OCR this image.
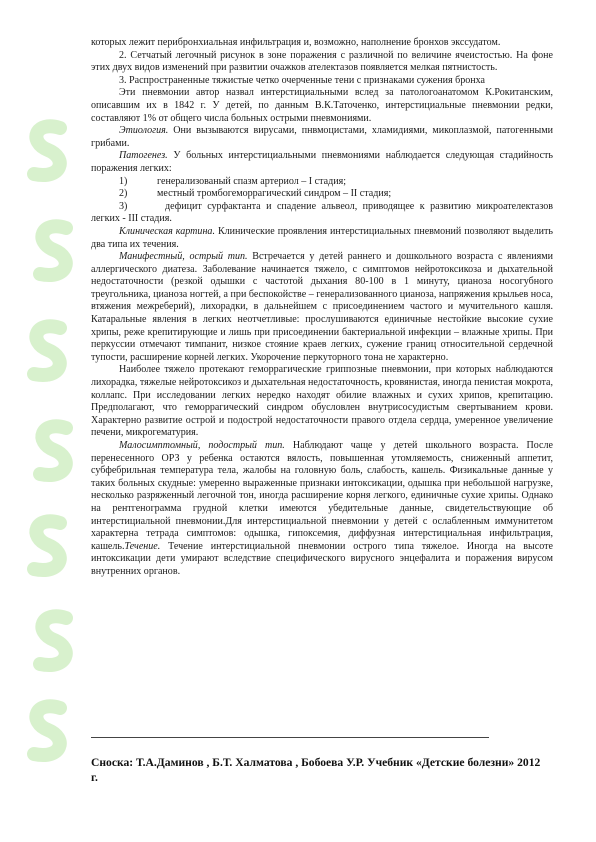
которых лежит перибронхиальная инфильтрация и, возможно, наполнение бронхов экссудатом.

2. Сетчатый легочный рисунок в зоне поражения с различной по величине ячеистостью. На фоне этих двух видов изменений при развитии очажков ателектазов появляется мелкая пятнистость.

3. Распространенные тяжистые четко очерченные тени с признаками сужения бронха

Эти пневмонии автор назвал интерстициальными вслед за патологоанатомом К.Рокитанским, описавшим их в 1842 г. У детей, по данным В.К.Таточенко, интерстициальные пневмонии редки, составляют 1% от общего числа больных острыми пневмониями.

Этиология. Они вызываются вирусами, пнвмоцистами, хламидиями, микоплазмой, патогенными грибами.

Патогенез. У больных интерстициальными пневмониями наблюдается следующая стадийность поражения легких:

1)	генерализованый спазм артериол – I стадия;
2)	местный тромбогеморрагический синдром – II стадия;
3)	дефицит сурфактанта и спадение альвеол, приводящее к развитию микроателектазов легких - III стадия.

Клиническая картина. Клинические проявления интерстициальных пневмоний позволяют выделить два типа их течения.

Манифестный, острый тип. Встречается у детей раннего и дошкольного возраста с явлениями аллергического диатеза. Заболевание начинается тяжело, с симптомов нейротоксикоза и дыхательной недостаточности (резкой одышки с частотой дыхания 80-100 в 1 минуту, цианоза носогубного треугольника, цианоза ногтей, а при беспокойстве – генерализованного цианоза, напряжения крыльев носа, втяжения межреберий), лихорадки, в дальнейшем с присоединением частого и мучительного кашля. Катаральные явления в легких неотчетливые: прослушиваются единичные нестойкие высокие сухие хрипы, реже крепитирующие и лишь при присоединении бактериальной инфекции – влажные хрипы. При перкуссии отмечают тимпанит, низкое стояние краев легких, сужение границ относительной сердечной тупости, расширение корней легких. Укорочение перкуторного тона не характерно.

Наиболее тяжело протекают геморрагические гриппозные пневмонии, при которых наблюдаются лихорадка, тяжелые нейротоксикоз и дыхательная недостаточность, кровянистая, иногда пенистая мокрота, коллапс. При исследовании легких нередко находят обилие влажных и сухих хрипов, крепитацию. Предполагают, что геморрагический синдром обусловлен внутрисосудистым свертыванием крови. Характерно развитие острой и подострой недостаточности правого отдела сердца, умеренное увеличение печени, микрогематурия.

Малосимптомный, подострый тип. Наблюдают чаще у детей школьного возраста. После перенесенного ОРЗ у ребенка остаются вялость, повышенная утомляемость, сниженный аппетит, субфебрильная температура тела, жалобы на головную боль, слабость, кашель. Физикальные данные у таких больных скудные: умеренно выраженные признаки интоксикации, одышка при небольшой нагрузке, несколько разряженный легочной тон, иногда расширение корня легкого, единичные сухие хрипы. Однако на рентгенограмма грудной клетки имеются убедительные данные, свидетельствующие об интерстициальной пневмонии.Для интерстициальной пневмонии у детей с ослабленным иммунитетом характерна тетрада симптомов: одышка, гипоксемия, диффузная интерстициальная инфильтрация, кашель.Течение. Течение интерстициальной пневмонии острого типа тяжелое. Иногда на высоте интоксикации дети умирают вследствие специфического вирусного энцефалита и поражения вирусом внутренних органов.

Сноска: Т.А.Даминов , Б.Т. Халматова , Бобоева У.Р. Учебник «Детские болезни» 2012 г.
